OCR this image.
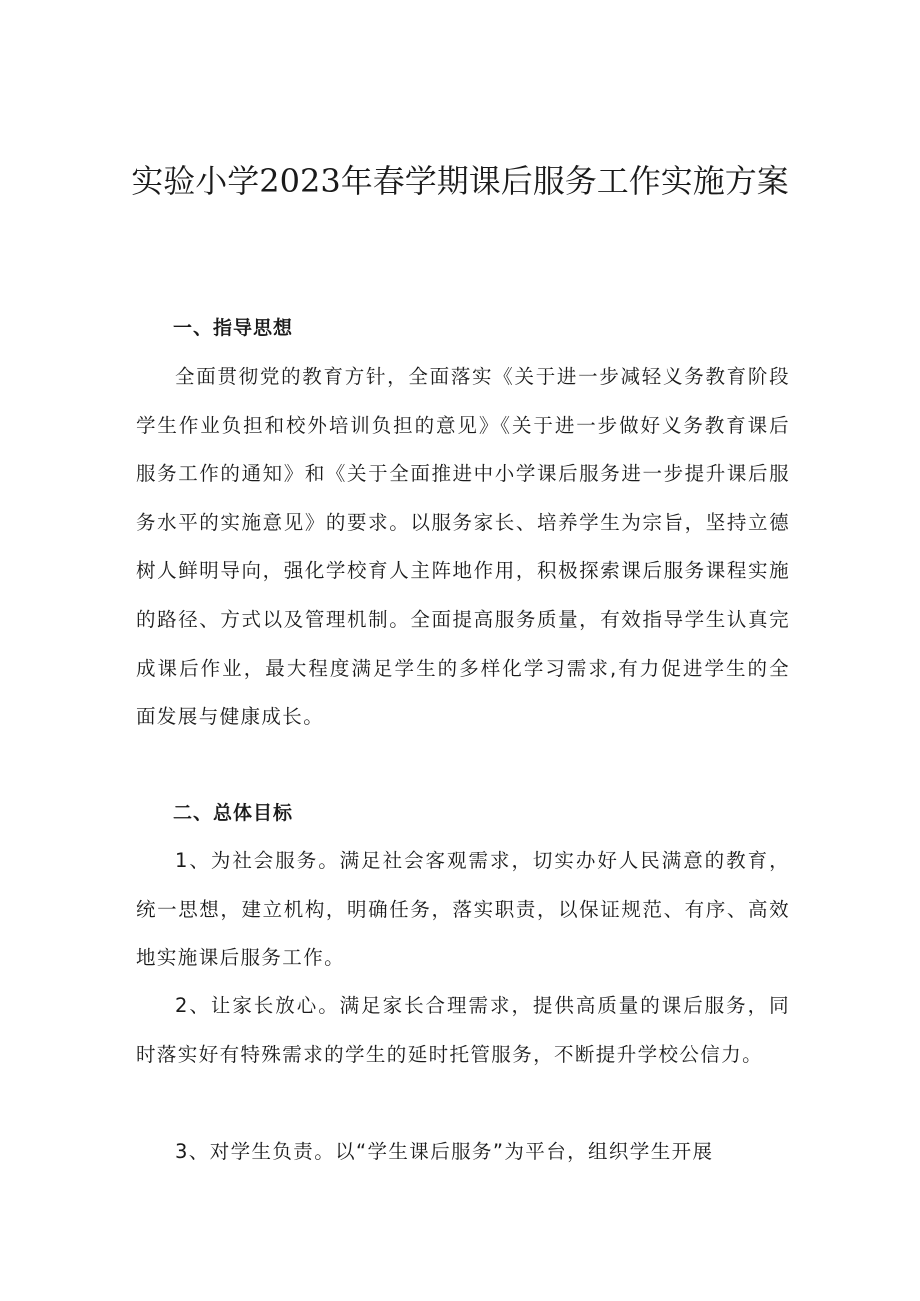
实验小学2023年春学期课后服务工作实施方案
一、指导思想

全面贯彻党的教育方针，全面落实《关于进一步减轻义务教育阶段学生作业负担和校外培训负担的意见》《关于进一步做好义务教育课后服务工作的通知》和《关于全面推进中小学课后服务进一步提升课后服务水平的实施意见》的要求。以服务家长、培养学生为宗旨，坚持立德树人鲜明导向，强化学校育人主阵地作用，积极探索课后服务课程实施的路径、方式以及管理机制。全面提高服务质量，有效指导学生认真完成课后作业，最大程度满足学生的多样化学习需求,有力促进学生的全面发展与健康成长。

二、总体目标

1、为社会服务。满足社会客观需求，切实办好人民满意的教育，统一思想，建立机构，明确任务，落实职责，以保证规范、有序、高效地实施课后服务工作。

2、让家长放心。满足家长合理需求，提供高质量的课后服务，同时落实好有特殊需求的学生的延时托管服务，不断提升学校公信力。

3、对学生负责。以“学生课后服务”为平台，组织学生开展
